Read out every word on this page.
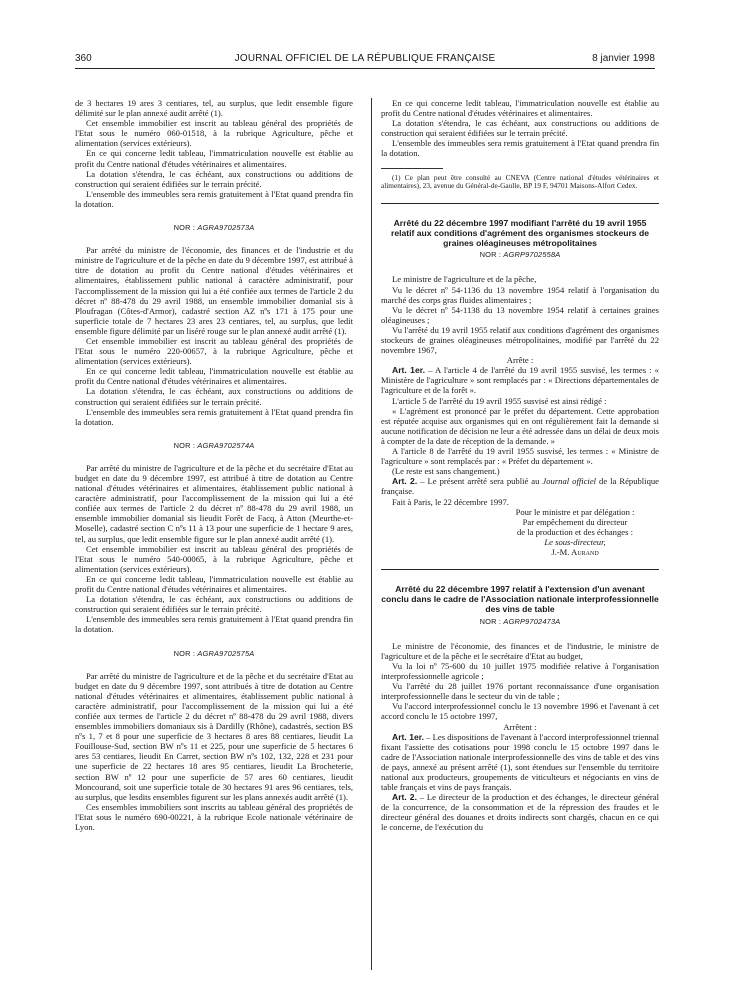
360	JOURNAL OFFICIEL DE LA RÉPUBLIQUE FRANÇAISE	8 janvier 1998

de 3 hectares 19 ares 3 centiares, tel, au surplus, que ledit ensemble figure délimité sur le plan annexé audit arrêté (1).

Cet ensemble immobilier est inscrit au tableau général des propriétés de l'Etat sous le numéro 060-01518, à la rubrique Agriculture, pêche et alimentation (services extérieurs).

En ce qui concerne ledit tableau, l'immatriculation nouvelle est établie au profit du Centre national d'études vétérinaires et alimentaires.

La dotation s'étendra, le cas échéant, aux constructions ou additions de construction qui seraient édifiées sur le terrain précité.

L'ensemble des immeubles sera remis gratuitement à l'Etat quand prendra fin la dotation.

NOR : AGRA9702573A

Par arrêté du ministre de l'économie, des finances et de l'industrie et du ministre de l'agriculture et de la pêche en date du 9 décembre 1997, est attribué à titre de dotation au profit du Centre national d'études vétérinaires et alimentaires, établissement public national à caractère administratif, pour l'accomplissement de la mission qui lui a été confiée aux termes de l'article 2 du décret nº 88-478 du 29 avril 1988, un ensemble immobilier domanial sis à Ploufragan (Côtes-d'Armor), cadastré section AZ nºs 171 à 175 pour une superficie totale de 7 hectares 23 ares 23 centiares, tel, au surplus, que ledit ensemble figure délimité par un liséré rouge sur le plan annexé audit arrêté (1).

Cet ensemble immobilier est inscrit au tableau général des propriétés de l'Etat sous le numéro 220-00657, à la rubrique Agriculture, pêche et alimentation (services extérieurs).

En ce qui concerne ledit tableau, l'immatriculation nouvelle est établie au profit du Centre national d'études vétérinaires et alimentaires.

La dotation s'étendra, le cas échéant, aux constructions ou additions de construction qui seraient édifiées sur le terrain précité.

L'ensemble des immeubles sera remis gratuitement à l'Etat quand prendra fin la dotation.

NOR : AGRA9702574A

Par arrêté du ministre de l'agriculture et de la pêche et du secrétaire d'Etat au budget en date du 9 décembre 1997, est attribué à titre de dotation au Centre national d'études vétérinaires et alimentaires, établissement public national à caractère administratif, pour l'accomplissement de la mission qui lui a été confiée aux termes de l'article 2 du décret nº 88-478 du 29 avril 1988, un ensemble immobilier domanial sis lieudit Forêt de Facq, à Atton (Meurthe-et-Moselle), cadastré section C nºs 11 à 13 pour une superficie de 1 hectare 9 ares, tel, au surplus, que ledit ensemble figure sur le plan annexé audit arrêté (1).

Cet ensemble immobilier est inscrit au tableau général des propriétés de l'Etat sous le numéro 540-00065, à la rubrique Agriculture, pêche et alimentation (services extérieurs).

En ce qui concerne ledit tableau, l'immatriculation nouvelle est établie au profit du Centre national d'études vétérinaires et alimentaires.

La dotation s'étendra, le cas échéant, aux constructions ou additions de construction qui seraient édifiées sur le terrain précité.

L'ensemble des immeubles sera remis gratuitement à l'Etat quand prendra fin la dotation.

NOR : AGRA9702575A

Par arrêté du ministre de l'agriculture et de la pêche et du secrétaire d'Etat au budget en date du 9 décembre 1997, sont attribués à titre de dotation au Centre national d'études vétérinaires et alimentaires, établissement public national à caractère administratif, pour l'accomplissement de la mission qui lui a été confiée aux termes de l'article 2 du décret nº 88-478 du 29 avril 1988, divers ensembles immobiliers domaniaux sis à Dardilly (Rhône), cadastrés, section BS nºs 1, 7 et 8 pour une superficie de 3 hectares 8 ares 88 centiares, lieudit La Fouillouse-Sud, section BW nºs 11 et 225, pour une superficie de 5 hectares 6 ares 53 centiares, lieudit En Carret, section BW nºs 102, 132, 228 et 231 pour une superficie de 22 hectares 18 ares 95 centiares, lieudit La Brocheterie, section BW nº 12 pour une superficie de 57 ares 60 centiares, lieudit Moncourand, soit une superficie totale de 30 hectares 91 ares 96 centiares, tels, au surplus, que lesdits ensembles figurent sur les plans annexés audit arrêté (1).

Ces ensembles immobiliers sont inscrits au tableau général des propriétés de l'Etat sous le numéro 690-00221, à la rubrique Ecole nationale vétérinaire de Lyon.

En ce qui concerne ledit tableau, l'immatriculation nouvelle est établie au profit du Centre national d'études vétérinaires et alimentaires.

La dotation s'étendra, le cas échéant, aux constructions ou additions de construction qui seraient édifiées sur le terrain précité.

L'ensemble des immeubles sera remis gratuitement à l'Etat quand prendra fin la dotation.

(1) Ce plan peut être consulté au CNEVA (Centre national d'études vétérinaires et alimentaires), 23, avenue du Général-de-Gaulle, BP 19 F, 94701 Maisons-Alfort Cedex.

Arrêté du 22 décembre 1997 modifiant l'arrêté du 19 avril 1955 relatif aux conditions d'agrément des organismes stockeurs de graines oléagineuses métropolitaines
NOR : AGRP9702558A

Le ministre de l'agriculture et de la pêche,

Vu le décret nº 54-1136 du 13 novembre 1954 relatif à l'organisation du marché des corps gras fluides alimentaires ;

Vu le décret nº 54-1138 du 13 novembre 1954 relatif à certaines graines oléagineuses ;

Vu l'arrêté du 19 avril 1955 relatif aux conditions d'agrément des organismes stockeurs de graines oléagineuses métropolitaines, modifié par l'arrêté du 22 novembre 1967,

Arrête :

Art. 1er. – A l'article 4 de l'arrêté du 19 avril 1955 susvisé, les termes : « Ministère de l'agriculture » sont remplacés par : « Directions départementales de l'agriculture et de la forêt ».

L'article 5 de l'arrêté du 19 avril 1955 susvisé est ainsi rédigé :

« L'agrément est prononcé par le préfet du département. Cette approbation est réputée acquise aux organismes qui en ont régulièrement fait la demande si aucune notification de décision ne leur a été adressée dans un délai de deux mois à compter de la date de réception de la demande. »

A l'article 8 de l'arrêté du 19 avril 1955 susvisé, les termes : « Ministre de l'agriculture » sont remplacés par : « Préfet du département ».

(Le reste est sans changement.)

Art. 2. – Le présent arrêté sera publié au Journal officiel de la République française.

Fait à Paris, le 22 décembre 1997.

Pour le ministre et par délégation :

Par empêchement du directeur

de la production et des échanges :

Le sous-directeur,

J.-M. Aurand

Arrêté du 22 décembre 1997 relatif à l'extension d'un avenant conclu dans le cadre de l'Association nationale interprofessionnelle des vins de table
NOR : AGRP9702473A

Le ministre de l'économie, des finances et de l'industrie, le ministre de l'agriculture et de la pêche et le secrétaire d'Etat au budget,

Vu la loi nº 75-600 du 10 juillet 1975 modifiée relative à l'organisation interprofessionnelle agricole ;

Vu l'arrêté du 28 juillet 1976 portant reconnaissance d'une organisation interprofessionnelle dans le secteur du vin de table ;

Vu l'accord interprofessionnel conclu le 13 novembre 1996 et l'avenant à cet accord conclu le 15 octobre 1997,

Arrêtent :

Art. 1er. – Les dispositions de l'avenant à l'accord interprofessionnel triennal fixant l'assiette des cotisations pour 1998 conclu le 15 octobre 1997 dans le cadre de l'Association nationale interprofessionnelle des vins de table et des vins de pays, annexé au présent arrêté (1), sont étendues sur l'ensemble du territoire national aux producteurs, groupements de viticulteurs et négociants en vins de table français et vins de pays français.

Art. 2. – Le directeur de la production et des échanges, le directeur général de la concurrence, de la consommation et de la répression des fraudes et le directeur général des douanes et droits indirects sont chargés, chacun en ce qui le concerne, de l'exécution du
